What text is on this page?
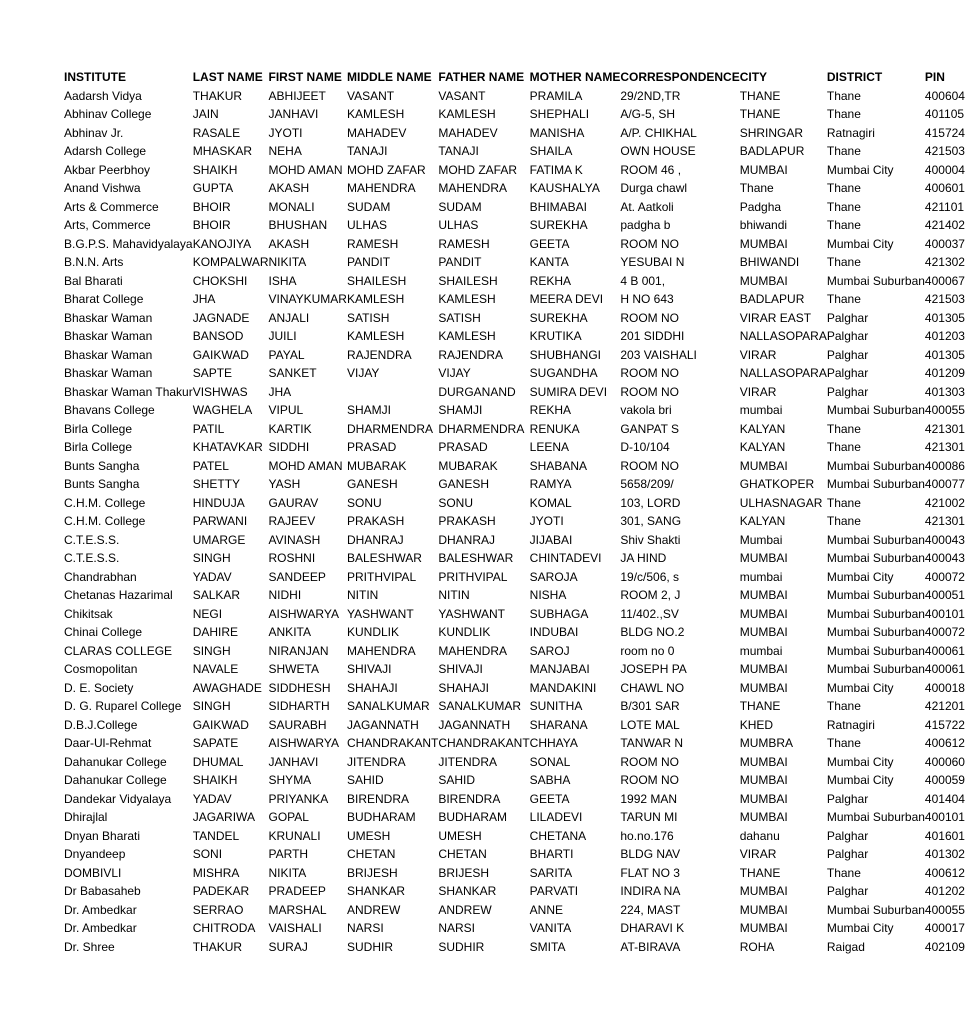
INSTITUTE	LAST NAME	FIRST NAME	MIDDLE NAME	FATHER NAME	MOTHER NAME	CORRESPONDENCE	CITY	DISTRICT	PIN
Aadarsh Vidya	THAKUR	ABHIJEET	VASANT	VASANT	PRAMILA	29/2ND,TR	THANE	Thane	400604
Abhinav College	JAIN	JANHAVI	KAMLESH	KAMLESH	SHEPHALI	A/G-5, SH	THANE	Thane	401105
Abhinav Jr.	RASALE	JYOTI	MAHADEV	MAHADEV	MANISHA	A/P. CHIKHAL	SHRINGAR	Ratnagiri	415724
Adarsh College	MHASKAR	NEHA	TANAJI	TANAJI	SHAILA	OWN HOUSE	BADLAPUR	Thane	421503
Akbar Peerbhoy	SHAIKH	MOHD AMAN	MOHD ZAFAR	MOHD ZAFAR	FATIMA K	ROOM 46 ,	MUMBAI	Mumbai City	400004
Anand Vishwa	GUPTA	AKASH	MAHENDRA	MAHENDRA	KAUSHALYA	Durga chawl	Thane	Thane	400601
Arts & Commerce	BHOIR	MONALI	SUDAM	SUDAM	BHIMABAI	At. Aatkoli	Padgha	Thane	421101
Arts, Commerce	BHOIR	BHUSHAN	ULHAS	ULHAS	SUREKHA	padgha b	bhiwandi	Thane	421402
B.G.P.S. Mahavidyalaya	KANOJIYA	AKASH	RAMESH	RAMESH	GEETA	ROOM NO	MUMBAI	Mumbai City	400037
B.N.N. Arts	KOMPALWAR	NIKITA	PANDIT	PANDIT	KANTA	YESUBAI N	BHIWANDI	Thane	421302
Bal Bharati	CHOKSHI	ISHA	SHAILESH	SHAILESH	REKHA	4 B 001,	MUMBAI	Mumbai Suburban	400067
Bharat College	JHA	VINAYKUMAR	KAMLESH	KAMLESH	MEERA DEVI	H NO 643	BADLAPUR	Thane	421503
Bhaskar Waman	JAGNADE	ANJALI	SATISH	SATISH	SUREKHA	ROOM NO	VIRAR EAST	Palghar	401305
Bhaskar Waman	BANSOD	JUILI	KAMLESH	KAMLESH	KRUTIKA	201 SIDDHI	NALLASOPARA	Palghar	401203
Bhaskar Waman	GAIKWAD	PAYAL	RAJENDRA	RAJENDRA	SHUBHANGI	203 VAISHALI	VIRAR	Palghar	401305
Bhaskar Waman	SAPTE	SANKET	VIJAY	VIJAY	SUGANDHA	ROOM NO	NALLASOPARA	Palghar	401209
Bhaskar Waman Thakur	VISHWAS	JHA		DURGANAND	SUMIRA DEVI	ROOM NO	VIRAR	Palghar	401303
Bhavans College	WAGHELA	VIPUL	SHAMJI	SHAMJI	REKHA	vakola bri	mumbai	Mumbai Suburban	400055
Birla College	PATIL	KARTIK	DHARMENDRA	DHARMENDRA	RENUKA	GANPAT S	KALYAN	Thane	421301
Birla College	KHATAVKAR	SIDDHI	PRASAD	PRASAD	LEENA	D-10/104	KALYAN	Thane	421301
Bunts Sangha	PATEL	MOHD AMAN	MUBARAK	MUBARAK	SHABANA	ROOM NO	MUMBAI	Mumbai Suburban	400086
Bunts Sangha	SHETTY	YASH	GANESH	GANESH	RAMYA	5658/209/	GHATKOPER	Mumbai Suburban	400077
C.H.M. College	HINDUJA	GAURAV	SONU	SONU	KOMAL	103, LORD	ULHASNAGAR	Thane	421002
C.H.M. College	PARWANI	RAJEEV	PRAKASH	PRAKASH	JYOTI	301, SANG	KALYAN	Thane	421301
C.T.E.S.S.	UMARGE	AVINASH	DHANRAJ	DHANRAJ	JIJABAI	Shiv Shakti	Mumbai	Mumbai Suburban	400043
C.T.E.S.S.	SINGH	ROSHNI	BALESHWAR	BALESHWAR	CHINTADEVI	JA HIND	MUMBAI	Mumbai Suburban	400043
Chandrabhan	YADAV	SANDEEP	PRITHVIPAL	PRITHVIPAL	SAROJA	19/c/506, s	mumbai	Mumbai City	400072
Chetanas Hazarimal	SALKAR	NIDHI	NITIN	NITIN	NISHA	ROOM 2, J	MUMBAI	Mumbai Suburban	400051
Chikitsak	NEGI	AISHWARYA	YASHWANT	YASHWANT	SUBHAGA	11/402.,SV	MUMBAI	Mumbai Suburban	400101
Chinai College	DAHIRE	ANKITA	KUNDLIK	KUNDLIK	INDUBAI	BLDG NO.2	MUMBAI	Mumbai Suburban	400072
CLARAS COLLEGE	SINGH	NIRANJAN	MAHENDRA	MAHENDRA	SAROJ	room no 0	mumbai	Mumbai Suburban	400061
Cosmopolitan	NAVALE	SHWETA	SHIVAJI	SHIVAJI	MANJABAI	JOSEPH PA	MUMBAI	Mumbai Suburban	400061
D. E. Society	AWAGHADE	SIDDHESH	SHAHAJI	SHAHAJI	MANDAKINI	CHAWL NO	MUMBAI	Mumbai City	400018
D. G. Ruparel College	SINGH	SIDHARTH	SANALKUMAR	SANALKUMAR	SUNITHA	B/301 SAR	THANE	Thane	421201
D.B.J.College	GAIKWAD	SAURABH	JAGANNATH	JAGANNATH	SHARANA	LOTE MAL	KHED	Ratnagiri	415722
Daar-Ul-Rehmat	SAPATE	AISHWARYA	CHANDRAKANT	CHANDRAKANT	CHHAYA	TANWAR N	MUMBRA	Thane	400612
Dahanukar College	DHUMAL	JANHAVI	JITENDRA	JITENDRA	SONAL	ROOM NO	MUMBAI	Mumbai City	400060
Dahanukar College	SHAIKH	SHYMA	SAHID	SAHID	SABHA	ROOM NO	MUMBAI	Mumbai City	400059
Dandekar Vidyalaya	YADAV	PRIYANKA	BIRENDRA	BIRENDRA	GEETA	1992 MAN	MUMBAI	Palghar	401404
Dhirajlal	JAGARIWA	GOPAL	BUDHARAM	BUDHARAM	LILADEVI	TARUN MI	MUMBAI	Mumbai Suburban	400101
Dnyan Bharati	TANDEL	KRUNALI	UMESH	UMESH	CHETANA	ho.no.176	dahanu	Palghar	401601
Dnyandeep	SONI	PARTH	CHETAN	CHETAN	BHARTI	BLDG NAV	VIRAR	Palghar	401302
DOMBIVLI	MISHRA	NIKITA	BRIJESH	BRIJESH	SARITA	FLAT NO 3	THANE	Thane	400612
Dr Babasaheb	PADEKAR	PRADEEP	SHANKAR	SHANKAR	PARVATI	INDIRA NA	MUMBAI	Palghar	401202
Dr. Ambedkar	SERRAO	MARSHAL	ANDREW	ANDREW	ANNE	224, MAST	MUMBAI	Mumbai Suburban	400055
Dr. Ambedkar	CHITRODA	VAISHALI	NARSI	NARSI	VANITA	DHARAVI K	MUMBAI	Mumbai City	400017
Dr. Shree	THAKUR	SURAJ	SUDHIR	SUDHIR	SMITA	AT-BIRAVA	ROHA	Raigad	402109
